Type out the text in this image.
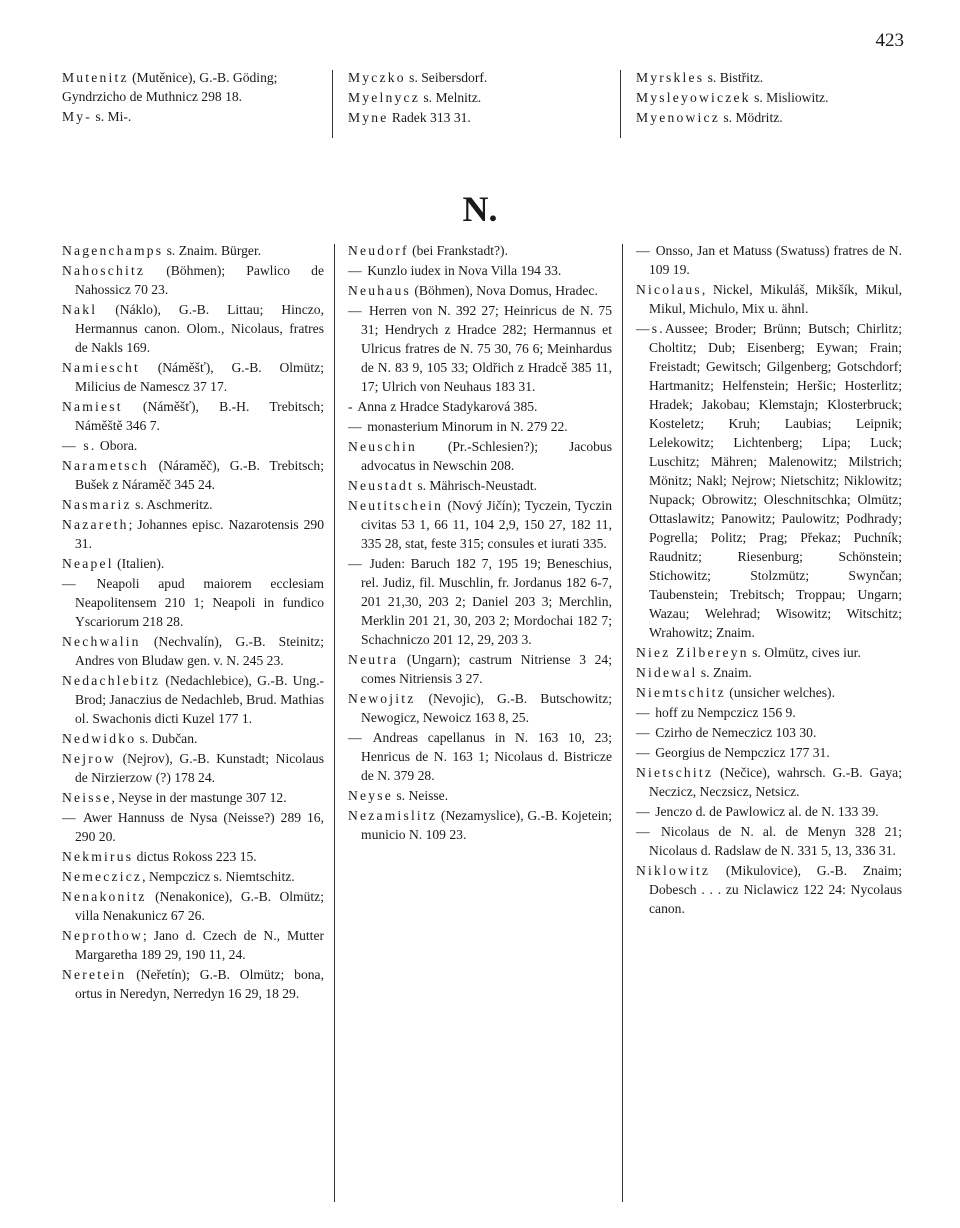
423

Mutenitz (Mutěnice), G.-B. Göding; Gyndrzicho de Muthnicz 298 18.

My- s. Mi-.

Myczko s. Seibersdorf.

Myelnycz s. Melnitz.

Myne Radek 313 31.

Myrskles s. Bistřitz.

Mysleyowiczek s. Misliowitz.

Myenowicz s. Mödritz.

N.

Nagenchamps s. Znaim. Bürger.

Nahoschitz (Böhmen); Pawlico de Nahossicz 70 23.

Nakl (Náklo), G.-B. Littau; Hinczo, Hermannus canon. Olom., Nicolaus, fratres de Nakls 169.

Namiescht (Náměšť), G.-B. Olmütz; Milicius de Namescz 37 17.

Namiest (Náměšť), B.-H. Trebitsch; Náměště 346 7.

— s. Obora.

Narametsch (Náraměč), G.-B. Trebitsch; Bušek z Náraměč 345 24.

Nasmariz s. Aschmeritz.

Nazareth; Johannes episc. Nazarotensis 290 31.

Neapel (Italien).

— Neapoli apud maiorem ecclesiam Neapolitensem 210 1; Neapoli in fundico Yscariorum 218 28.

Nechwalin (Nechvalín), G.-B. Steinitz; Andres von Bludaw gen. v. N. 245 23.

Nedachlebitz (Nedachlebice), G.-B. Ung.-Brod; Janaczius de Nedachleb, Brud. Mathias ol. Swachonis dicti Kuzel 177 1.

Nedwidko s. Dubčan.

Nejrow (Nejrov), G.-B. Kunstadt; Nicolaus de Nirzierzow (?) 178 24.

Neisse, Neyse in der mastunge 307 12.

— Awer Hannuss de Nysa (Neisse?) 289 16, 290 20.

Nekmirus dictus Rokoss 223 15.

Nemeczicz, Nempczicz s. Niemtschitz.

Nenakonitz (Nenakonice), G.-B. Olmütz; villa Nenakunicz 67 26.

Neprothow; Jano d. Czech de N., Mutter Margaretha 189 29, 190 11, 24.

Neretein (Neřetín); G.-B. Olmütz; bona, ortus in Neredyn, Nerredyn 16 29, 18 29.

Neudorf (bei Frankstadt?).

— Kunzlo iudex in Nova Villa 194 33.

Neuhaus (Böhmen), Nova Domus, Hradec.

— Herren von N. 392 27; Heinricus de N. 75 31; Hendrych z Hradce 282; Hermannus et Ulricus fratres de N. 75 30, 76 6; Meinhardus de N. 83 9, 105 33; Oldřich z Hradcě 385 11, 17; Ulrich von Neuhaus 183 31.

- Anna z Hradce Stadykarová 385.

— monasterium Minorum in N. 279 22.

Neuschin (Pr.-Schlesien?); Jacobus advocatus in Newschin 208.

Neustadt s. Mährisch-Neustadt.

Neutitschein (Nový Jičín); Tyczein, Tyczin civitas 53 1, 66 11, 104 2,9, 150 27, 182 11, 335 28, stat, feste 315; consules et iurati 335.

— Juden: Baruch 182 7, 195 19; Beneschius, rel. Judiz, fil. Muschlin, fr. Jordanus 182 6-7, 201 21,30, 203 2; Daniel 203 3; Merchlin, Merklin 201 21, 30, 203 2; Mordochai 182 7; Schachniczo 201 12, 29, 203 3.

Neutra (Ungarn); castrum Nitriense 3 24; comes Nitriensis 3 27.

Newojitz (Nevojic), G.-B. Butschowitz; Newogicz, Newoicz 163 8, 25.

— Andreas capellanus in N. 163 10, 23; Henricus de N. 163 1; Nicolaus d. Bistricze de N. 379 28.

Neyse s. Neisse.

Nezamislitz (Nezamyslice), G.-B. Kojetein; municio N. 109 23.

— Onsso, Jan et Matuss (Swatuss) fratres de N. 109 19.

Nicolaus, Nickel, Mikuláš, Mikšík, Mikul, Mikul, Michulo, Mix u. ähnl.

—s.Aussee; Broder; Brünn; Butsch; Chirlitz; Choltitz; Dub; Eisenberg; Eywan; Frain; Freistadt; Gewitsch; Gilgenberg; Gotschdorf; Hartmanitz; Helfenstein; Heršic; Hosterlitz; Hradek; Jakobau; Klemstajn; Klosterbruck; Kosteletz; Kruh; Laubias; Leipnik; Lelekowitz; Lichtenberg; Lipa; Luck; Luschitz; Mähren; Malenowitz; Milstrich; Mönitz; Nakl; Nejrow; Nietschitz; Niklowitz; Nupack; Obrowitz; Oleschnitschka; Olmütz; Ottaslawitz; Panowitz; Paulowitz; Podhrady; Pogrella; Politz; Prag; Překaz; Puchník; Raudnitz; Riesenburg; Schönstein; Stichowitz; Stolzmütz; Swynčan; Taubenstein; Trebitsch; Troppau; Ungarn; Wazau; Welehrad; Wisowitz; Witschitz; Wrahowitz; Znaim.

Niez Zilbereyn s. Olmütz, cives iur.

Nidewal s. Znaim.

Niemtschitz (unsicher welches).

— hoff zu Nempczicz 156 9.

— Czirho de Nemeczicz 103 30.

— Georgius de Nempczicz 177 31.

Nietschitz (Nečice), wahrsch. G.-B. Gaya; Neczicz, Neczsicz, Netsicz.

— Jenczo d. de Pawlowicz al. de N. 133 39.

— Nicolaus de N. al. de Menyn 328 21; Nicolaus d. Radslaw de N. 331 5, 13, 336 31.

Niklowitz (Mikulovice), G.-B. Znaim; Dobesch . . . zu Niclawicz 122 24: Nycolaus canon.
